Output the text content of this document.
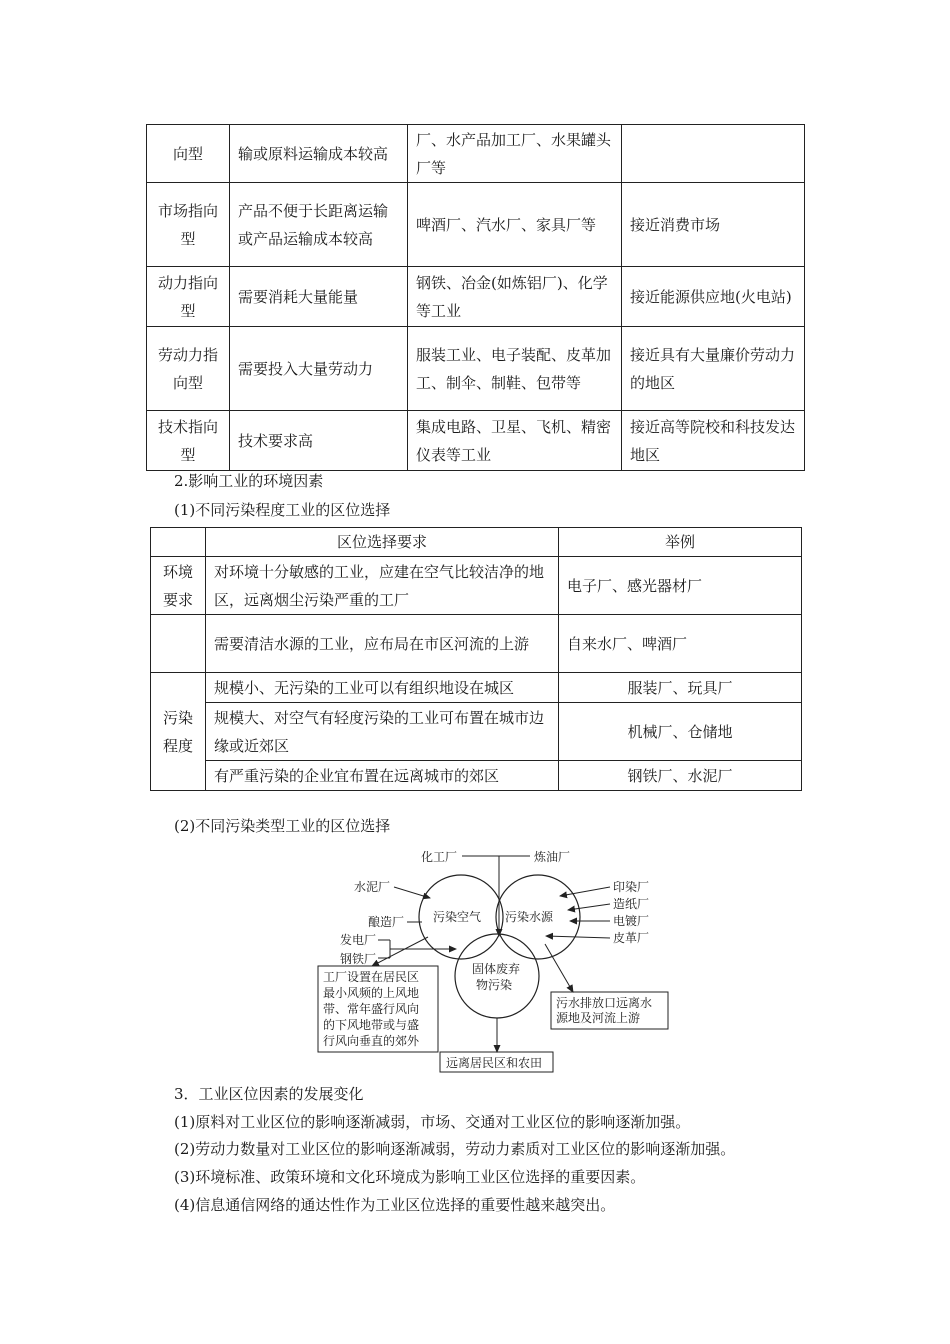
向型	输或原料运输成本较高	厂、水产品加工厂、水果罐头厂等	
市场指向型	产品不便于长距离运输或产品运输成本较高	啤酒厂、汽水厂、家具厂等	接近消费市场
动力指向型	需要消耗大量能量	钢铁、冶金(如炼铝厂)、化学等工业	接近能源供应地(火电站)
劳动力指向型	需要投入大量劳动力	服装工业、电子装配、皮革加工、制伞、制鞋、包带等	接近具有大量廉价劳动力的地区
技术指向型	技术要求高	集成电路、卫星、飞机、精密仪表等工业	接近高等院校和科技发达地区

2.影响工业的环境因素

(1)不同污染程度工业的区位选择

	区位选择要求	举例
环境要求	对环境十分敏感的工业，应建在空气比较洁净的地区，远离烟尘污染严重的工厂	电子厂、感光器材厂
	需要清洁水源的工业，应布局在市区河流的上游	自来水厂、啤酒厂
污染程度	规模小、无污染的工业可以有组织地设在城区	服装厂、玩具厂
	规模大、对空气有轻度污染的工业可布置在城市边缘或近郊区	机械厂、仓储地
	有严重污染的企业宜布置在远离城市的郊区	钢铁厂、水泥厂

(2)不同污染类型工业的区位选择

污染空气 污染水源
固体废弃
物污染
化工厂	炼油厂
水泥厂
酿造厂
发电厂
钢铁厂
印染厂
造纸厂
电镀厂
皮革厂
工厂设置在居民区
最小风频的上风地
带、常年盛行风向
的下风地带或与盛
行风向垂直的郊外
污水排放口远离水
源地及河流上游
远离居民区和农田

3．工业区位因素的发展变化

(1)原料对工业区位的影响逐渐减弱，市场、交通对工业区位的影响逐渐加强。

(2)劳动力数量对工业区位的影响逐渐减弱，劳动力素质对工业区位的影响逐渐加强。

(3)环境标准、政策环境和文化环境成为影响工业区位选择的重要因素。

(4)信息通信网络的通达性作为工业区位选择的重要性越来越突出。
